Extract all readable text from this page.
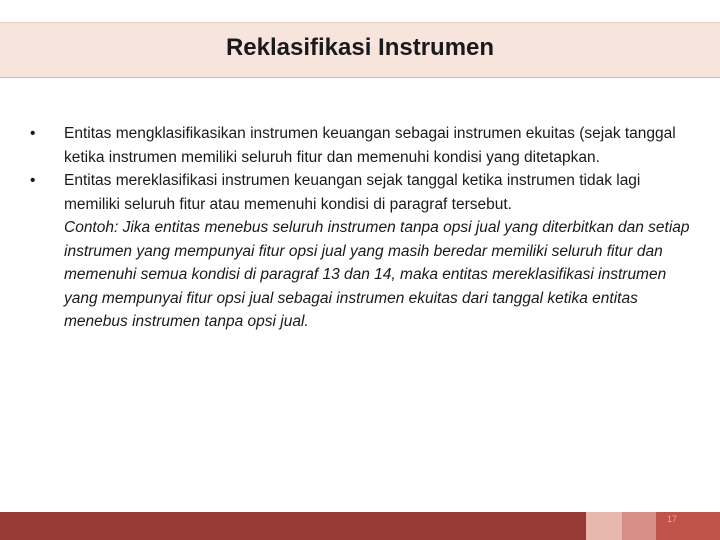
Reklasifikasi Instrumen
• Entitas mengklasifikasikan instrumen keuangan sebagai instrumen ekuitas (sejak tanggal ketika instrumen memiliki seluruh fitur dan memenuhi kondisi yang ditetapkan.
• Entitas mereklasifikasi instrumen keuangan sejak tanggal ketika instrumen tidak lagi memiliki seluruh fitur atau memenuhi kondisi di paragraf tersebut.
Contoh: Jika entitas menebus seluruh instrumen tanpa opsi jual yang diterbitkan dan setiap instrumen yang mempunyai fitur opsi jual yang masih beredar memiliki seluruh fitur dan memenuhi semua kondisi di paragraf 13 dan 14, maka entitas mereklasifikasi instrumen yang mempunyai fitur opsi jual sebagai instrumen ekuitas dari tanggal ketika entitas menebus instrumen tanpa opsi jual.
17
